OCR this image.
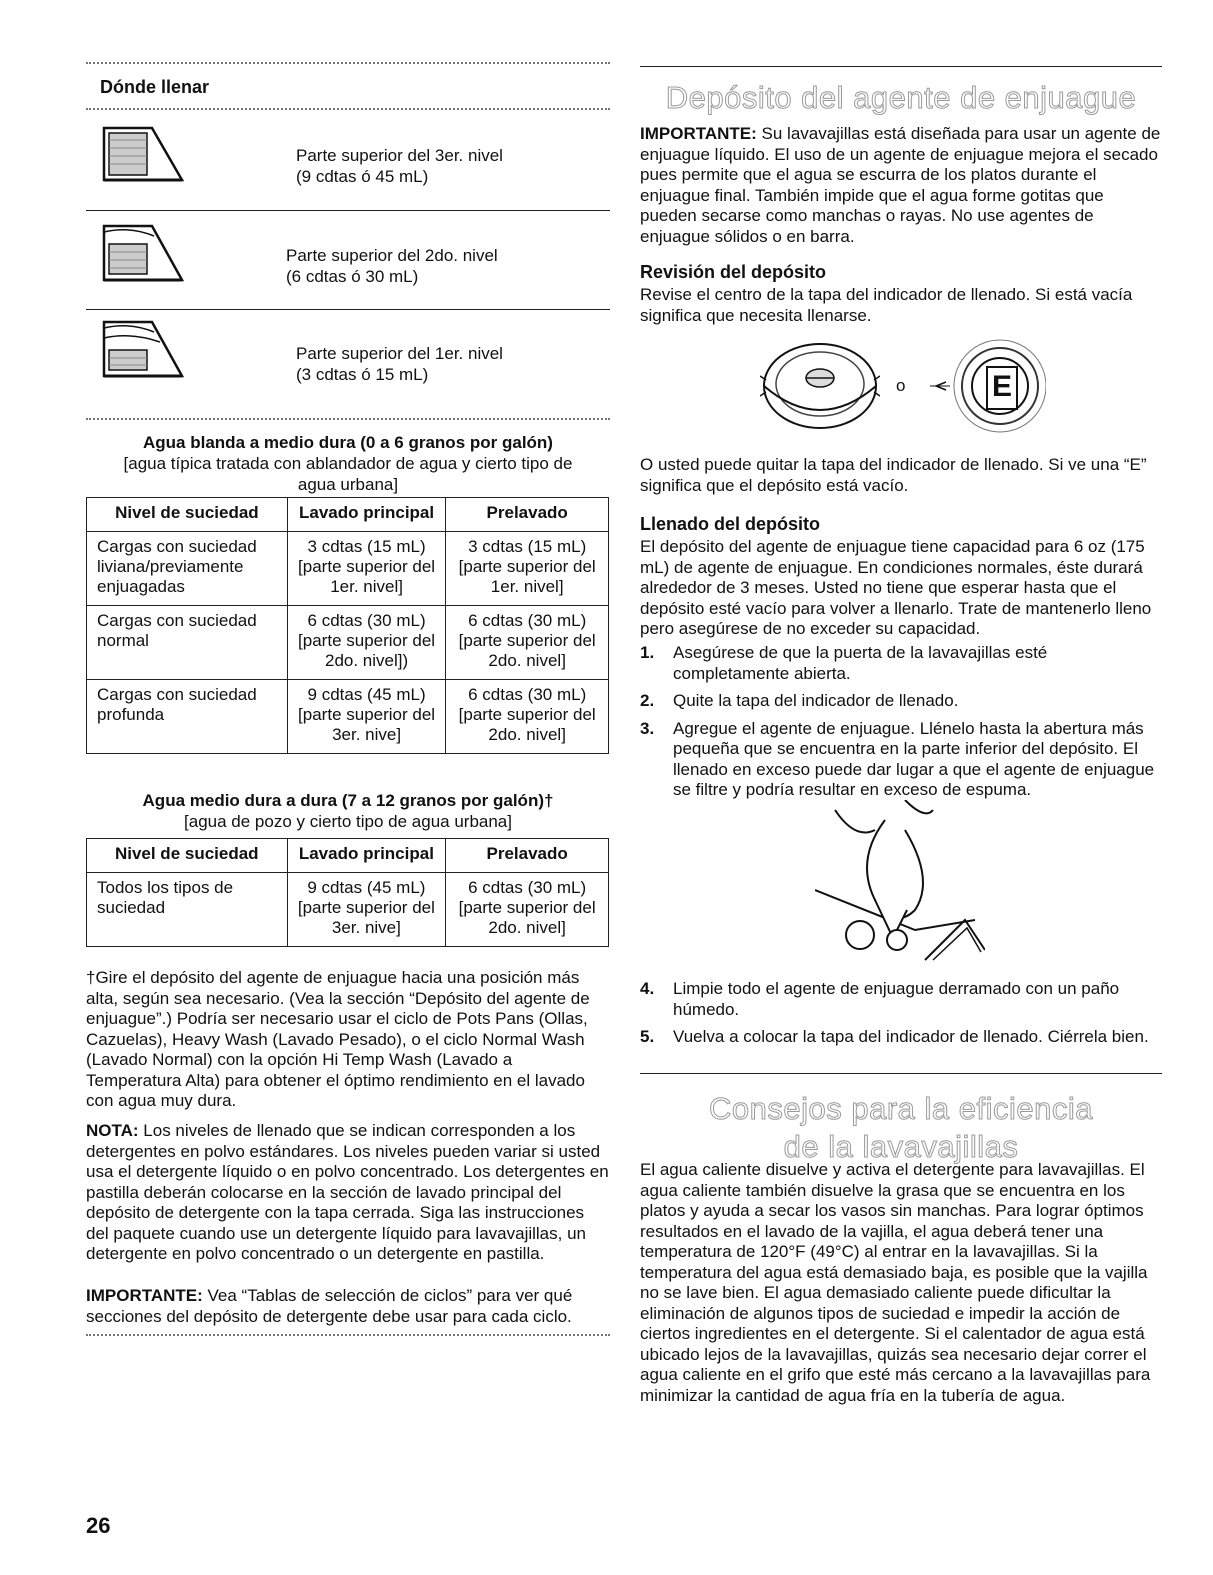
Dónde llenar
Parte superior del 3er. nivel
(9 cdtas ó 45 mL)
Parte superior del 2do. nivel
(6 cdtas ó 30 mL)
Parte superior del 1er. nivel
(3 cdtas ó 15 mL)
Agua blanda a medio dura (0 a 6 granos por galón)
[agua típica tratada con ablandador de agua y cierto tipo de
agua urbana]
Nivel de suciedad	Lavado principal	Prelavado
Cargas con suciedad liviana/previamente enjuagadas	3 cdtas (15 mL) [parte superior del 1er. nivel]	3 cdtas (15 mL) [parte superior del 1er. nivel]
Cargas con suciedad normal	6 cdtas (30 mL) [parte superior del 2do. nivel])	6 cdtas (30 mL) [parte superior del 2do. nivel]
Cargas con suciedad profunda	9 cdtas (45 mL) [parte superior del 3er. nive]	6 cdtas (30 mL) [parte superior del 2do. nivel]
Agua medio dura a dura (7 a 12 granos por galón)†
[agua de pozo y cierto tipo de agua urbana]
Nivel de suciedad	Lavado principal	Prelavado
Todos los tipos de suciedad	9 cdtas (45 mL) [parte superior del 3er. nive]	6 cdtas (30 mL) [parte superior del 2do. nivel]
†Gire el depósito del agente de enjuague hacia una posición más alta, según sea necesario. (Vea la sección “Depósito del agente de enjuague”.) Podría ser necesario usar el ciclo de Pots Pans (Ollas, Cazuelas), Heavy Wash (Lavado Pesado), o el ciclo Normal Wash (Lavado Normal) con la opción Hi Temp Wash (Lavado a Temperatura Alta) para obtener el óptimo rendimiento en el lavado con agua muy dura.
NOTA: Los niveles de llenado que se indican corresponden a los detergentes en polvo estándares. Los niveles pueden variar si usted usa el detergente líquido o en polvo concentrado. Los detergentes en pastilla deberán colocarse en la sección de lavado principal del depósito de detergente con la tapa cerrada. Siga las instrucciones del paquete cuando use un detergente líquido para lavavajillas, un detergente en polvo concentrado o un detergente en pastilla.
IMPORTANTE: Vea “Tablas de selección de ciclos” para ver qué secciones del depósito de detergente debe usar para cada ciclo.
Depósito del agente de enjuague
IMPORTANTE: Su lavavajillas está diseñada para usar un agente de enjuague líquido. El uso de un agente de enjuague mejora el secado pues permite que el agua se escurra de los platos durante el enjuague final. También impide que el agua forme gotitas que pueden secarse como manchas o rayas. No use agentes de enjuague sólidos o en barra.
Revisión del depósito
Revise el centro de la tapa del indicador de llenado. Si está vacía significa que necesita llenarse.
o	E
O usted puede quitar la tapa del indicador de llenado. Si ve una “E” significa que el depósito está vacío.
Llenado del depósito
El depósito del agente de enjuague tiene capacidad para 6 oz (175 mL) de agente de enjuague. En condiciones normales, éste durará alrededor de 3 meses. Usted no tiene que esperar hasta que el depósito esté vacío para volver a llenarlo. Trate de mantenerlo lleno pero asegúrese de no exceder su capacidad.
1. Asegúrese de que la puerta de la lavavajillas esté completamente abierta.
2. Quite la tapa del indicador de llenado.
3. Agregue el agente de enjuague. Llénelo hasta la abertura más pequeña que se encuentra en la parte inferior del depósito. El llenado en exceso puede dar lugar a que el agente de enjuague se filtre y podría resultar en exceso de espuma.
4. Limpie todo el agente de enjuague derramado con un paño húmedo.
5. Vuelva a colocar la tapa del indicador de llenado. Ciérrela bien.
Consejos para la eficiencia
de la lavavajillas
El agua caliente disuelve y activa el detergente para lavavajillas. El agua caliente también disuelve la grasa que se encuentra en los platos y ayuda a secar los vasos sin manchas. Para lograr óptimos resultados en el lavado de la vajilla, el agua deberá tener una temperatura de 120°F (49°C) al entrar en la lavavajillas. Si la temperatura del agua está demasiado baja, es posible que la vajilla no se lave bien. El agua demasiado caliente puede dificultar la eliminación de algunos tipos de suciedad e impedir la acción de ciertos ingredientes en el detergente. Si el calentador de agua está ubicado lejos de la lavavajillas, quizás sea necesario dejar correr el agua caliente en el grifo que esté más cercano a la lavavajillas para minimizar la cantidad de agua fría en la tubería de agua.
26
